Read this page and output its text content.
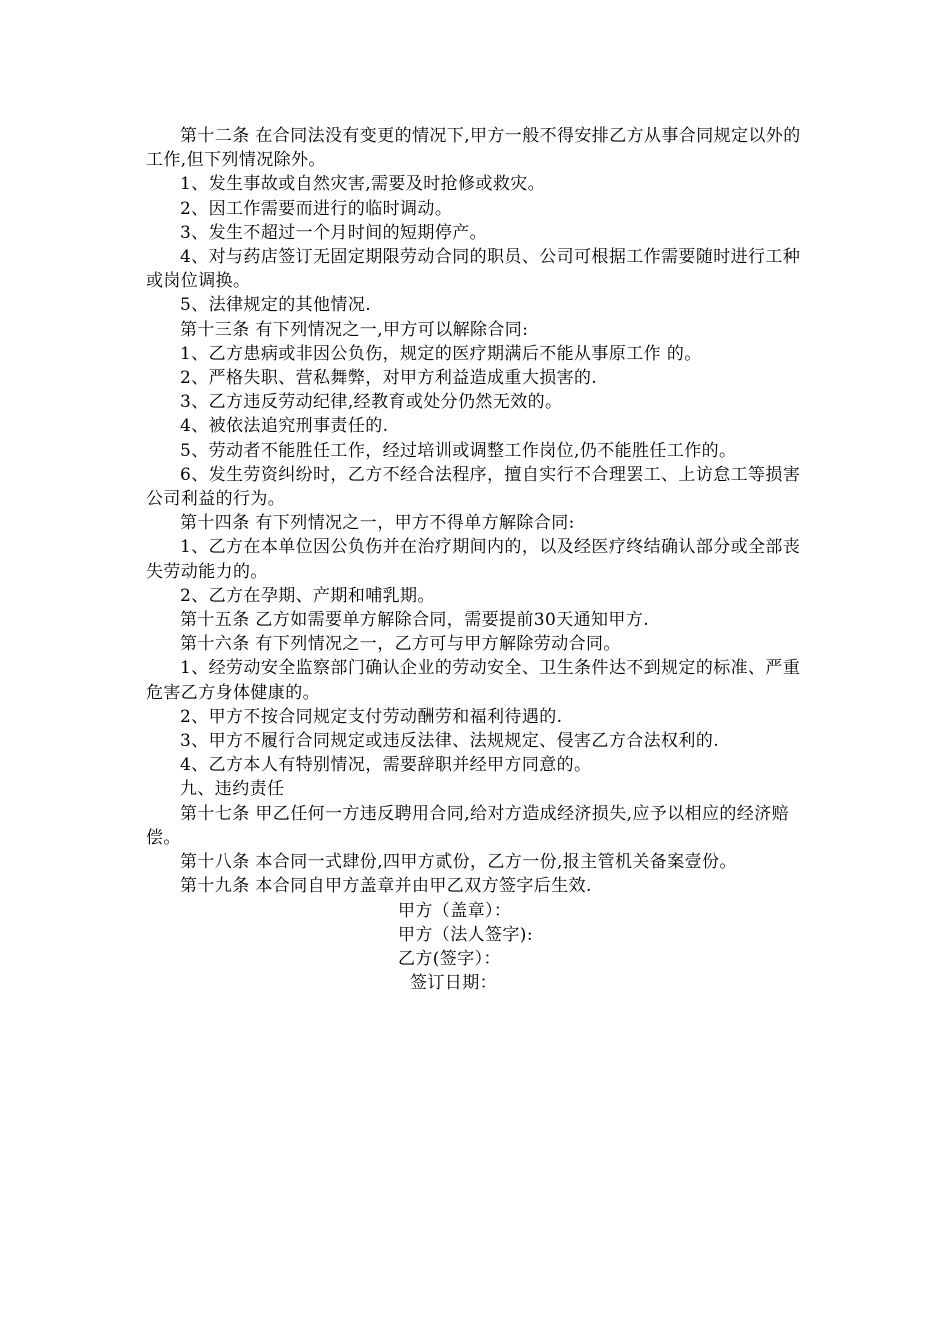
第十二条 在合同法没有变更的情况下,甲方一般不得安排乙方从事合同规定以外的工作,但下列情况除外。

1、发生事故或自然灾害,需要及时抢修或救灾。

2、因工作需要而进行的临时调动。

3、发生不超过一个月时间的短期停产。

4、对与药店签订无固定期限劳动合同的职员、公司可根据工作需要随时进行工种或岗位调换。

5、法律规定的其他情况.

第十三条 有下列情况之一,甲方可以解除合同:

1、乙方患病或非因公负伤，规定的医疗期满后不能从事原工作 的。

2、严格失职、营私舞弊，对甲方利益造成重大损害的.

3、乙方违反劳动纪律,经教育或处分仍然无效的。

4、被依法追究刑事责任的.

5、劳动者不能胜任工作，经过培训或调整工作岗位,仍不能胜任工作的。

6、发生劳资纠纷时，乙方不经合法程序，擅自实行不合理罢工、上访怠工等损害公司利益的行为。

第十四条 有下列情况之一，甲方不得单方解除合同:

1、乙方在本单位因公负伤并在治疗期间内的，以及经医疗终结确认部分或全部丧失劳动能力的。

2、乙方在孕期、产期和哺乳期。

第十五条 乙方如需要单方解除合同，需要提前30天通知甲方.

第十六条 有下列情况之一，乙方可与甲方解除劳动合同。

1、经劳动安全监察部门确认企业的劳动安全、卫生条件达不到规定的标准、严重危害乙方身体健康的。

2、甲方不按合同规定支付劳动酬劳和福利待遇的.

3、甲方不履行合同规定或违反法律、法规规定、侵害乙方合法权利的.

4、乙方本人有特别情况，需要辞职并经甲方同意的。

九、违约责任

第十七条 甲乙任何一方违反聘用合同,给对方造成经济损失,应予以相应的经济赔偿。

第十八条 本合同一式肆份,四甲方贰份，乙方一份,报主管机关备案壹份。

第十九条 本合同自甲方盖章并由甲乙双方签字后生效.

甲方（盖章）：

甲方（法人签字):

乙方(签字）：

签订日期：
